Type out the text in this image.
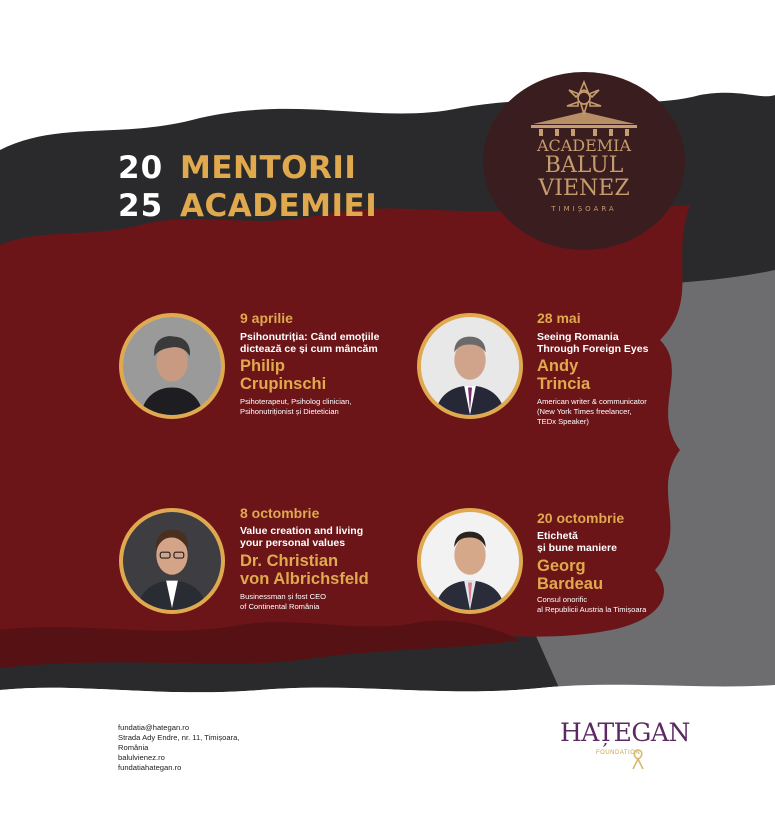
20
25
MENTORII
ACADEMIEI
ACADEMIA
BALUL
VIENEZ
TIMIȘOARA
9 aprilie
Psihonutriția: Când emoțiile
dictează ce și cum mâncăm
Philip
Crupinschi
Psihoterapeut, Psiholog clinician,
Psihonutriționist și Dietetician
28 mai
Seeing Romania
Through Foreign Eyes
Andy
Trincia
American writer & communicator
(New York Times freelancer,
TEDx Speaker)
8 octombrie
Value creation and living
your personal values
Dr. Christian
von Albrichsfeld
Businessman și fost CEO
of Continental România
20 octombrie
Etichetă
și bune maniere
Georg
Bardeau
Consul onorific
al Republicii Austria la Timișoara
fundatia@hategan.ro
Strada Ady Endre, nr. 11, Timișoara,
România
balulvienez.ro
fundatiahategan.ro
HAȚEGAN
FOUNDATION
